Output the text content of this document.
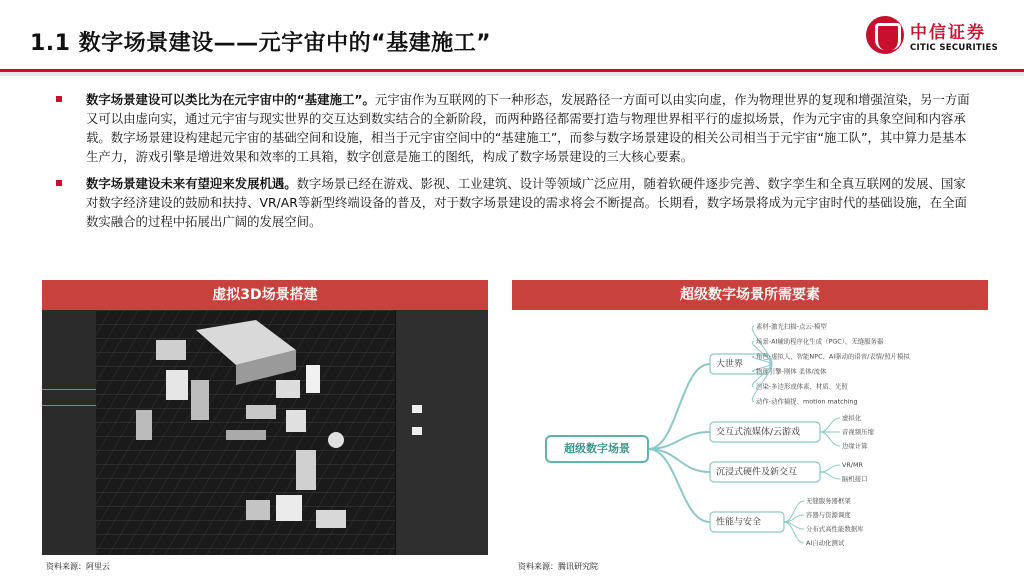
1.1 数字场景建设——元宇宙中的“基建施工”	中信证券
CITIC SECURITIES
数字场景建设可以类比为在元宇宙中的“基建施工”。元宇宙作为互联网的下一种形态，发展路径一方面可以由实向虚，作为物理世界的复现和增强渲染，另一方面又可以由虚向实，通过元宇宙与现实世界的交互达到数实结合的全新阶段，而两种路径都需要打造与物理世界相平行的虚拟场景，作为元宇宙的具象空间和内容承载。数字场景建设构建起元宇宙的基础空间和设施，相当于元宇宙空间中的“基建施工”，而参与数字场景建设的相关公司相当于元宇宙“施工队”，其中算力是基本生产力，游戏引擎是增进效果和效率的工具箱，数字创意是施工的图纸，构成了数字场景建设的三大核心要素。
数字场景建设未来有望迎来发展机遇。数字场景已经在游戏、影视、工业建筑、设计等领域广泛应用，随着软硬件逐步完善、数字孪生和全真互联网的发展、国家对数字经济建设的鼓励和扶持、VR/AR等新型终端设备的普及，对于数字场景建设的需求将会不断提高。长期看，数字场景将成为元宇宙时代的基础设施，在全面数实融合的过程中拓展出广阔的发展空间。
虚拟3D场景搭建	超级数字场景所需要素
大世界
素材-激光扫描-点云-模型
场景-AI辅助程序化生成（PGC）、无缝服务器
角色-虚拟人、智能NPC、AI驱动的语音/表情/照片模拟
物理引擎-刚体 柔体/流体
渲染-多边形或体素、材质、光照
动作-动作捕捉、motion matching
交互式流媒体/云游戏
虚拟化
音视频压缩
边缘计算
沉浸式硬件及新交互
VR/MR
脑机接口
性能与安全
无缝服务器框架
容器与资源调度
分布式高性能数据库
AI自动化测试
超级数字场景
资料来源：阿里云	资料来源：腾讯研究院
